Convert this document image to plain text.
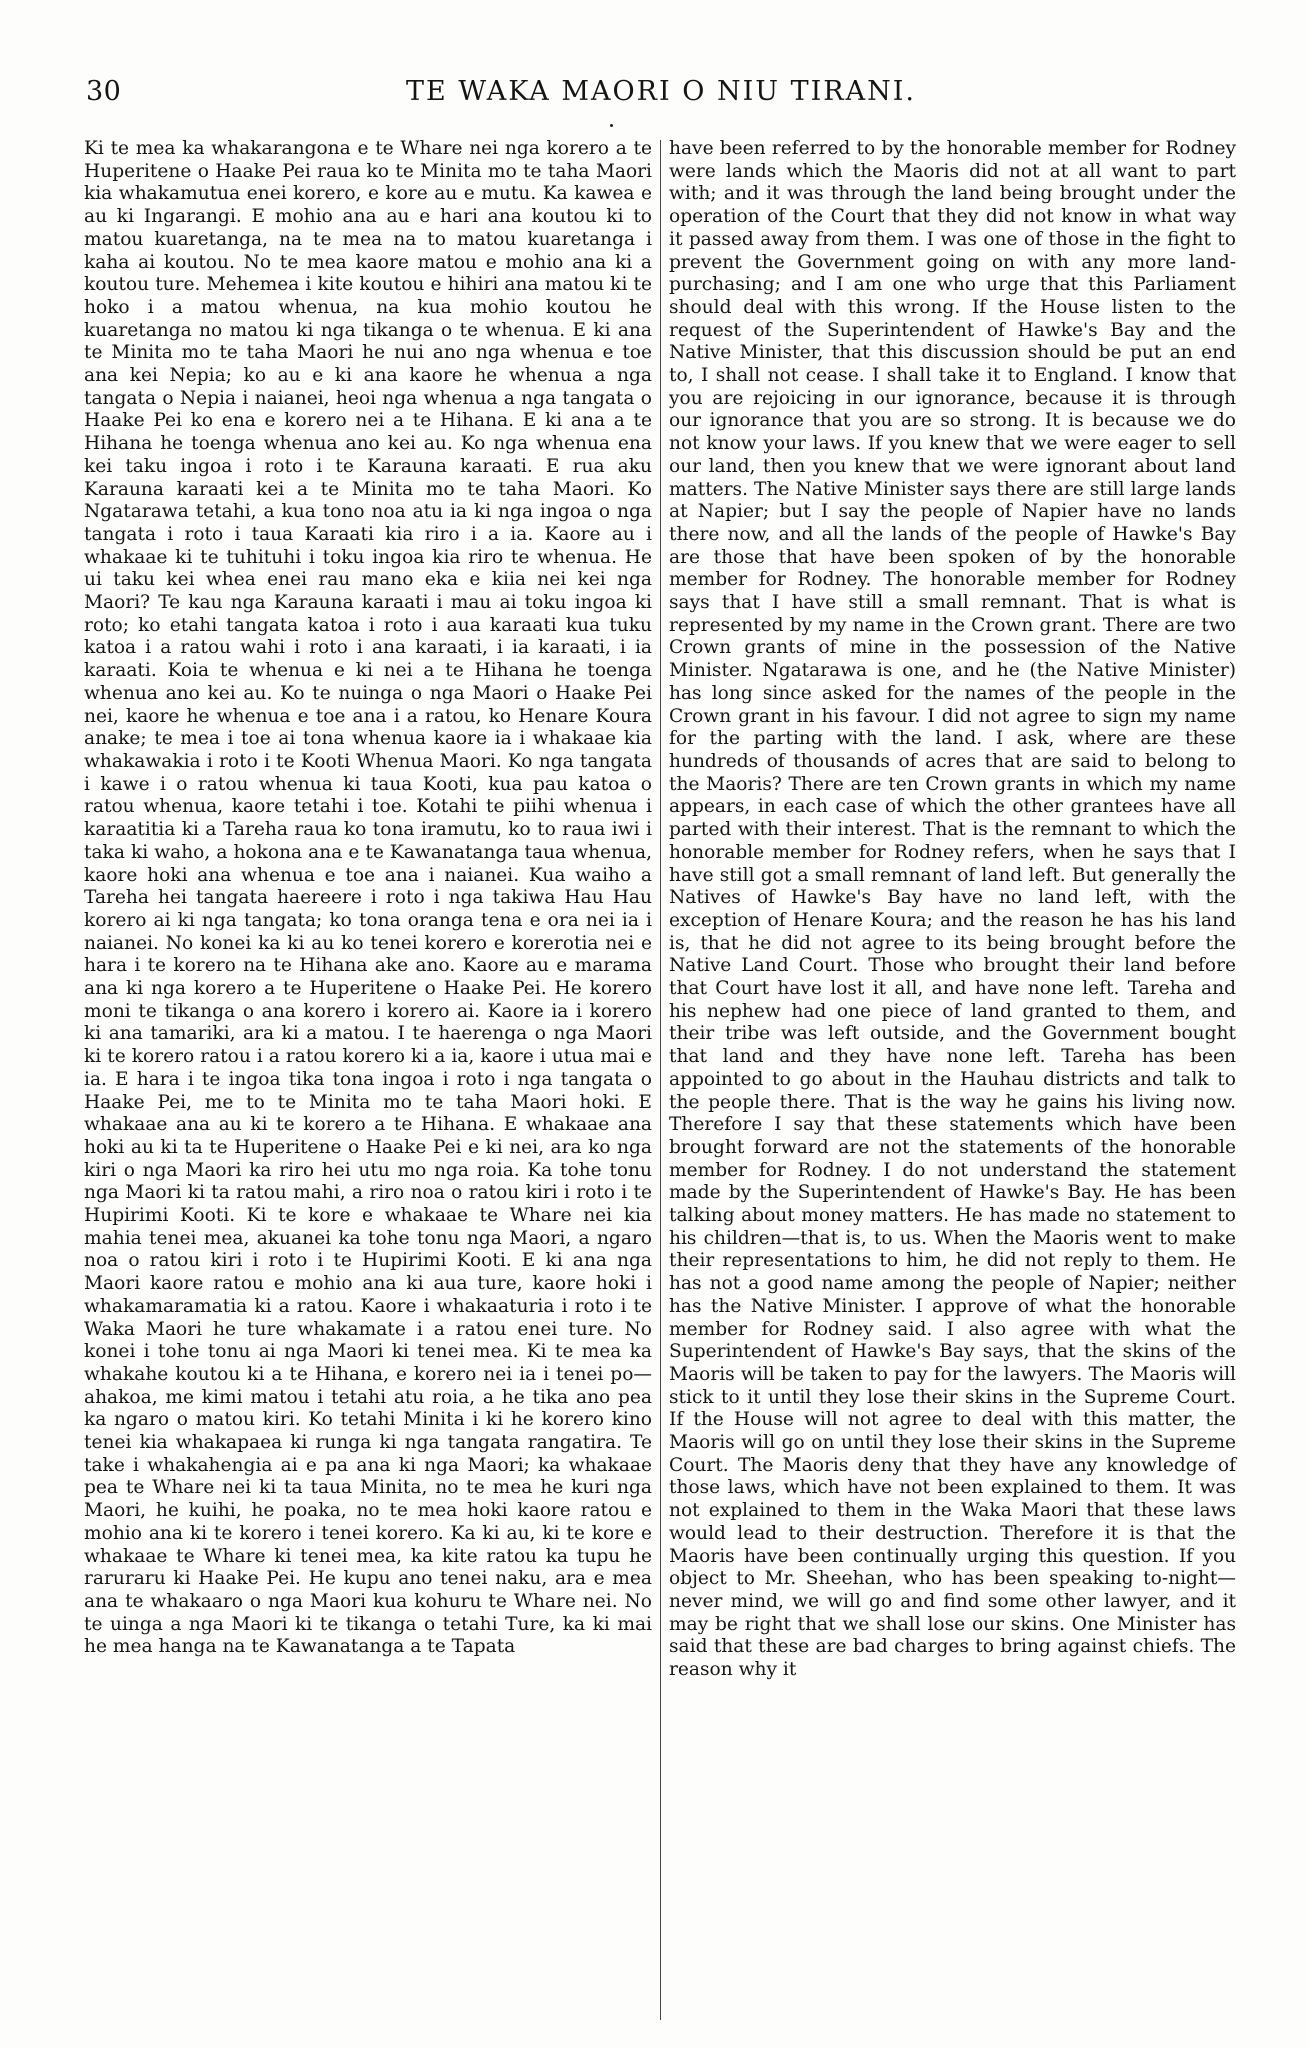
30	TE WAKA MAORI O NIU TIRANI.

Ki te mea ka whakarangona e te Whare nei nga korero a te Huperitene o Haake Pei raua ko te Minita mo te taha Maori kia whakamutua enei korero, e kore au e mutu. Ka kawea e au ki Ingarangi. E mohio ana au e hari ana koutou ki to matou kuaretanga, na te mea na to matou kuaretanga i kaha ai koutou. No te mea kaore matou e mohio ana ki a koutou ture. Mehemea i kite koutou e hihiri ana matou ki te hoko i a matou whenua, na kua mohio koutou he kuaretanga no matou ki nga tikanga o te whenua. E ki ana te Minita mo te taha Maori he nui ano nga whenua e toe ana kei Nepia; ko au e ki ana kaore he whenua a nga tangata o Nepia i naianei, heoi nga whenua a nga tangata o Haake Pei ko ena e korero nei a te Hihana. E ki ana a te Hihana he toenga whenua ano kei au. Ko nga whenua ena kei taku ingoa i roto i te Karauna karaati. E rua aku Karauna karaati kei a te Minita mo te taha Maori. Ko Ngatarawa tetahi, a kua tono noa atu ia ki nga ingoa o nga tangata i roto i taua Karaati kia riro i a ia. Kaore au i whakaae ki te tuhituhi i toku ingoa kia riro te whenua. He ui taku kei whea enei rau mano eka e kiia nei kei nga Maori? Te kau nga Karauna karaati i mau ai toku ingoa ki roto; ko etahi tangata katoa i roto i aua karaati kua tuku katoa i a ratou wahi i roto i ana karaati, i ia karaati, i ia karaati. Koia te whenua e ki nei a te Hihana he toenga whenua ano kei au. Ko te nuinga o nga Maori o Haake Pei nei, kaore he whenua e toe ana i a ratou, ko Henare Koura anake; te mea i toe ai tona whenua kaore ia i whakaae kia whakawakia i roto i te Kooti Whenua Maori. Ko nga tangata i kawe i o ratou whenua ki taua Kooti, kua pau katoa o ratou whenua, kaore tetahi i toe. Kotahi te piihi whenua i karaatitia ki a Tareha raua ko tona iramutu, ko to raua iwi i taka ki waho, a hokona ana e te Kawanatanga taua whenua, kaore hoki ana whenua e toe ana i naianei. Kua waiho a Tareha hei tangata haereere i roto i nga takiwa Hau Hau korero ai ki nga tangata; ko tona oranga tena e ora nei ia i naianei. No konei ka ki au ko tenei korero e korerotia nei e hara i te korero na te Hihana ake ano. Kaore au e marama ana ki nga korero a te Huperitene o Haake Pei. He korero moni te tikanga o ana korero i korero ai. Kaore ia i korero ki ana tamariki, ara ki a matou. I te haerenga o nga Maori ki te korero ratou i a ratou korero ki a ia, kaore i utua mai e ia. E hara i te ingoa tika tona ingoa i roto i nga tangata o Haake Pei, me to te Minita mo te taha Maori hoki. E whakaae ana au ki te korero a te Hihana. E whakaae ana hoki au ki ta te Huperitene o Haake Pei e ki nei, ara ko nga kiri o nga Maori ka riro hei utu mo nga roia. Ka tohe tonu nga Maori ki ta ratou mahi, a riro noa o ratou kiri i roto i te Hupirimi Kooti. Ki te kore e whakaae te Whare nei kia mahia tenei mea, akuanei ka tohe tonu nga Maori, a ngaro noa o ratou kiri i roto i te Hupirimi Kooti. E ki ana nga Maori kaore ratou e mohio ana ki aua ture, kaore hoki i whakamaramatia ki a ratou. Kaore i whakaaturia i roto i te Waka Maori he ture whakamate i a ratou enei ture. No konei i tohe tonu ai nga Maori ki tenei mea. Ki te mea ka whakahe koutou ki a te Hihana, e korero nei ia i tenei po—ahakoa, me kimi matou i tetahi atu roia, a he tika ano pea ka ngaro o matou kiri. Ko tetahi Minita i ki he korero kino tenei kia whakapaea ki runga ki nga tangata rangatira. Te take i whakahengia ai e pa ana ki nga Maori; ka whakaae pea te Whare nei ki ta taua Minita, no te mea he kuri nga Maori, he kuihi, he poaka, no te mea hoki kaore ratou e mohio ana ki te korero i tenei korero. Ka ki au, ki te kore e whakaae te Whare ki tenei mea, ka kite ratou ka tupu he raruraru ki Haake Pei. He kupu ano tenei naku, ara e mea ana te whakaaro o nga Maori kua kohuru te Whare nei. No te uinga a nga Maori ki te tikanga o tetahi Ture, ka ki mai he mea hanga na te Kawanatanga a te Tapata

have been referred to by the honorable member for Rodney were lands which the Maoris did not at all want to part with; and it was through the land being brought under the operation of the Court that they did not know in what way it passed away from them. I was one of those in the fight to prevent the Government going on with any more land-purchasing; and I am one who urge that this Parliament should deal with this wrong. If the House listen to the request of the Superintendent of Hawke's Bay and the Native Minister, that this discussion should be put an end to, I shall not cease. I shall take it to England. I know that you are rejoicing in our ignorance, because it is through our ignorance that you are so strong. It is because we do not know your laws. If you knew that we were eager to sell our land, then you knew that we were ignorant about land matters. The Native Minister says there are still large lands at Napier; but I say the people of Napier have no lands there now, and all the lands of the people of Hawke's Bay are those that have been spoken of by the honorable member for Rodney. The honorable member for Rodney says that I have still a small remnant. That is what is represented by my name in the Crown grant. There are two Crown grants of mine in the possession of the Native Minister. Ngatarawa is one, and he (the Native Minister) has long since asked for the names of the people in the Crown grant in his favour. I did not agree to sign my name for the parting with the land. I ask, where are these hundreds of thousands of acres that are said to belong to the Maoris? There are ten Crown grants in which my name appears, in each case of which the other grantees have all parted with their interest. That is the remnant to which the honorable member for Rodney refers, when he says that I have still got a small remnant of land left. But generally the Natives of Hawke's Bay have no land left, with the exception of Henare Koura; and the reason he has his land is, that he did not agree to its being brought before the Native Land Court. Those who brought their land before that Court have lost it all, and have none left. Tareha and his nephew had one piece of land granted to them, and their tribe was left outside, and the Government bought that land and they have none left. Tareha has been appointed to go about in the Hauhau districts and talk to the people there. That is the way he gains his living now. Therefore I say that these statements which have been brought forward are not the statements of the honorable member for Rodney. I do not understand the statement made by the Superintendent of Hawke's Bay. He has been talking about money matters. He has made no statement to his children—that is, to us. When the Maoris went to make their representations to him, he did not reply to them. He has not a good name among the people of Napier; neither has the Native Minister. I approve of what the honorable member for Rodney said. I also agree with what the Superintendent of Hawke's Bay says, that the skins of the Maoris will be taken to pay for the lawyers. The Maoris will stick to it until they lose their skins in the Supreme Court. If the House will not agree to deal with this matter, the Maoris will go on until they lose their skins in the Supreme Court. The Maoris deny that they have any knowledge of those laws, which have not been explained to them. It was not explained to them in the Waka Maori that these laws would lead to their destruction. Therefore it is that the Maoris have been continually urging this question. If you object to Mr. Sheehan, who has been speaking to-night—never mind, we will go and find some other lawyer, and it may be right that we shall lose our skins. One Minister has said that these are bad charges to bring against chiefs. The reason why it
